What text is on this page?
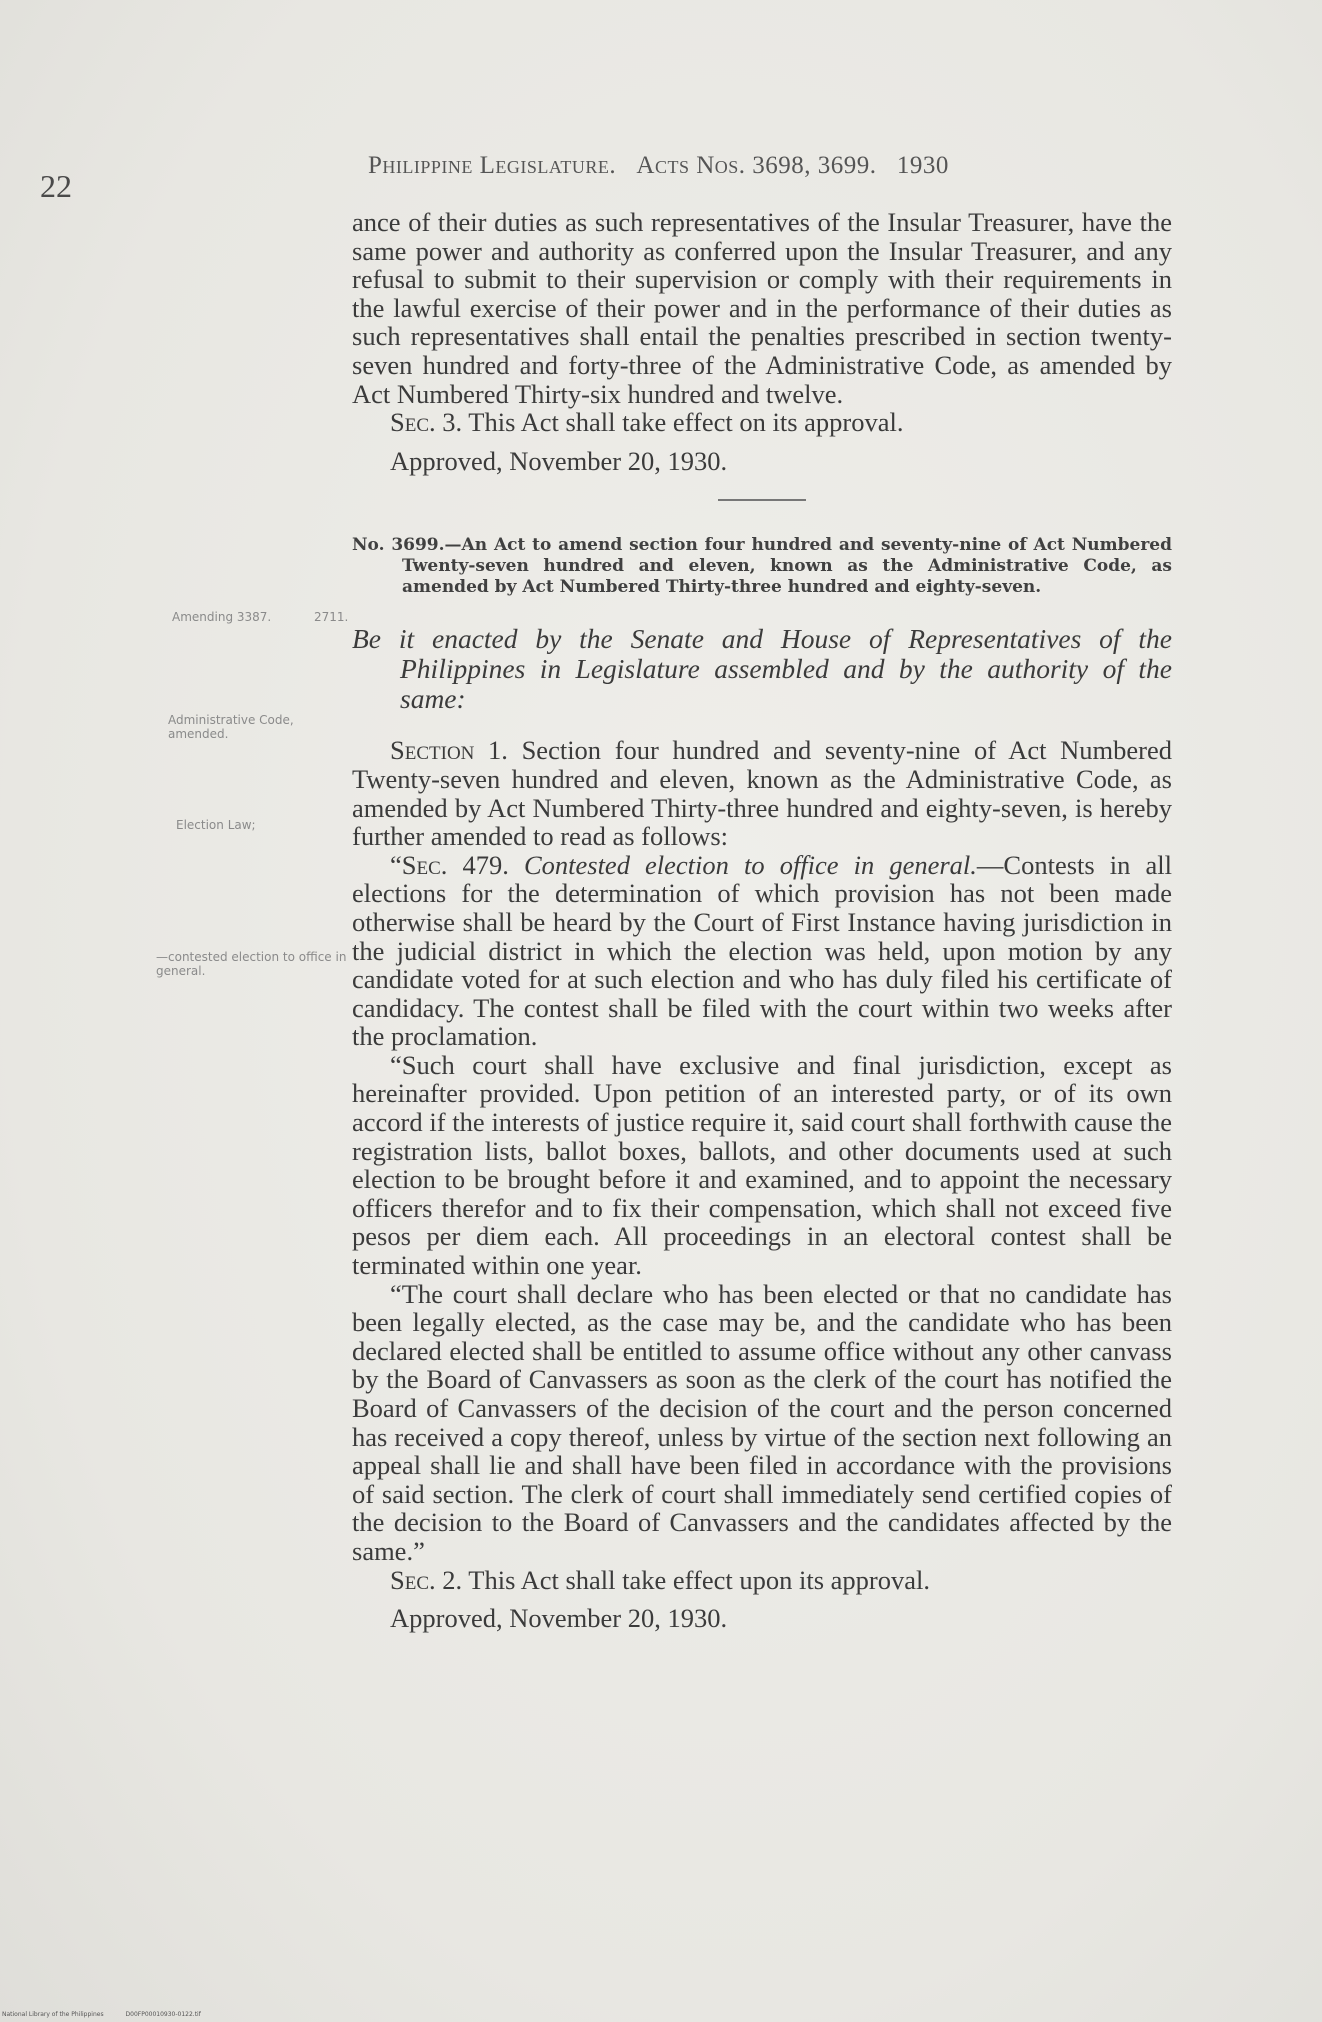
22
Philippine Legislature. Acts Nos. 3698, 3699. 1930
Amending 3387.	2711.
Administrative Code, amended.
Election Law;
—contested election to office in general.

ance of their duties as such representatives of the Insular Treasurer, have the same power and authority as conferred upon the Insular Treasurer, and any refusal to submit to their supervision or comply with their requirements in the lawful exercise of their power and in the performance of their duties as such representatives shall entail the penalties prescribed in section twenty-seven hundred and forty-three of the Administrative Code, as amended by Act Numbered Thirty-six hundred and twelve.

Sec. 3. This Act shall take effect on its approval.

Approved, November 20, 1930.

No. 3699.—An Act to amend section four hundred and seventy-nine of Act Numbered Twenty-seven hundred and eleven, known as the Administrative Code, as amended by Act Numbered Thirty-three hundred and eighty-seven.

Be it enacted by the Senate and House of Representatives of the Philippines in Legislature assembled and by the authority of the same:

Section 1. Section four hundred and seventy-nine of Act Numbered Twenty-seven hundred and eleven, known as the Administrative Code, as amended by Act Numbered Thirty-three hundred and eighty-seven, is hereby further amended to read as follows:

“Sec. 479. Contested election to office in general.—Contests in all elections for the determination of which provision has not been made otherwise shall be heard by the Court of First Instance having jurisdiction in the judicial district in which the election was held, upon motion by any candidate voted for at such election and who has duly filed his certificate of candidacy. The contest shall be filed with the court within two weeks after the proclamation.

“Such court shall have exclusive and final jurisdiction, except as hereinafter provided. Upon petition of an interested party, or of its own accord if the interests of justice require it, said court shall forthwith cause the registration lists, ballot boxes, ballots, and other documents used at such election to be brought before it and examined, and to appoint the necessary officers therefor and to fix their compensation, which shall not exceed five pesos per diem each. All proceedings in an electoral contest shall be terminated within one year.

“The court shall declare who has been elected or that no candidate has been legally elected, as the case may be, and the candidate who has been declared elected shall be entitled to assume office without any other canvass by the Board of Canvassers as soon as the clerk of the court has notified the Board of Canvassers of the decision of the court and the person concerned has received a copy thereof, unless by virtue of the section next following an appeal shall lie and shall have been filed in accordance with the provisions of said section. The clerk of court shall immediately send certified copies of the decision to the Board of Canvassers and the candidates affected by the same.”

Sec. 2. This Act shall take effect upon its approval.

Approved, November 20, 1930.

National Library of the Philippines	D00FP00010930-0122.tif
